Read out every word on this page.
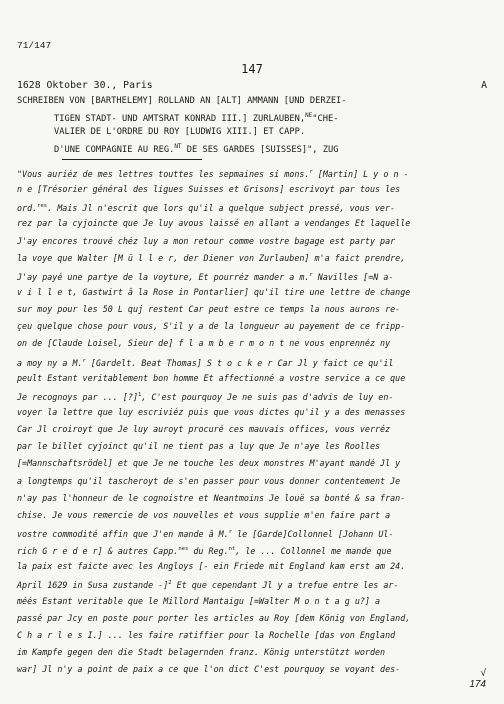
71/147
147
1628 Oktober 30., Paris	A
SCHREIBEN VON [BARTHELEMY] ROLLAND AN [ALT] AMMANN [UND DERZEI-

TIGEN STADT- UND AMTSRAT KONRAD III.] ZURLAUBEN,$^{NE}$"CHE-
VALIER DE L'ORDRE DU ROY [LUDWIG XIII.] ET CAPP.
D'UNE COMPAGNIE AU REG.$^{NT}$ DE SES GARDES [SUISSES]", ZUG
"Vous auriéz de mes lettres touttes les sepmaines si mons.$^r$ [Martin] L y o n -
n e [Trésorier général des ligues Suisses et Grisons] escrivoyt par tous les
ord.$^{res}$. Mais Jl n'escrit que lors qu'il a quelque subject pressé, vous ver-
rez par la cyjoincte que Je luy avous laissé en allant a vendanges Et laquelle
J'ay encores trouvé chéz luy a mon retour comme vostre bagage est party par
la voye que Walter [M ü l l e r, der Diener von Zurlauben] m'a faict prendre,
J'ay payé une partye de la voyture, Et pourréz mander a m.$^r$ Navilles [=N a-
v i l l e t, Gastwirt â la Rose in Pontarlier] qu'il tire une lettre de change
sur moy pour les 50 L quj restent Car peut estre ce temps la nous aurons re-
ҫeu quelque chose pour vous, S'il y a de la longueur au payement de ce fripp-
on de [Claude Loisel, Sieur de] f l a m b e r m o n t ne vous enprennéz ny
a moy ny a M.$^r$ [Gardelt. Beat Thomas] S t o c k e r Car Jl y faict ce qu'il
peult Estant veritablement bon homme Et affectionné a vostre service a ce que
Je recognoys par ... [?]$^1$, C'est pourquoy Je ne suis pas d'advis de luy en-
voyer la lettre que luy escriviéz puis que vous dictes qu'il y a des menasses
Car Jl croiroyt que Je luy auroyt procuré ces mauvais offices, vous verréz
par le billet cyjoinct qu'il ne tient pas a luy que Je n'aye les Roolles
[=Mannschaftsrödel] et que Je ne touche les deux monstres M'ayant mandé Jl y
a longtemps qu'il tascheroyt de s'en passer pour vous donner contentement Je
n'ay pas l'honneur de le cognoistre et Neantmoins Je louë sa bonté & sa fran-
chise. Je vous remercie de vos nouvelles et vous supplie m'en faire part a
vostre commodité affin que J'en mande â M.$^r$ le [Garde]Collonnel [Johann Ul-
rich G r e d e r] & autres Capp.$^{nes}$ du Reg.$^{nt}$, le ... Collonnel me mande que
la paix est faicte avec les Angloys [- ein Friede mit England kam erst am 24.
April 1629 in Susa zustande -]$^2$ Et que cependant Jl y a trefue entre les ar-
méés Estant veritable que le Millord Mantaigu [=Walter M o n t a g u?] a
passé par Jcy en poste pour porter les articles au Roy [dem König von England,
C h a r l e s I.] ... les faire ratiffier pour la Rochelle [das von England
im Kampfe gegen den die Stadt belagernden franz. König unterstützt worden
war] Jl n'y a point de paix a ce que l'on dict C'est pourquoy se voyant des-	√
174
